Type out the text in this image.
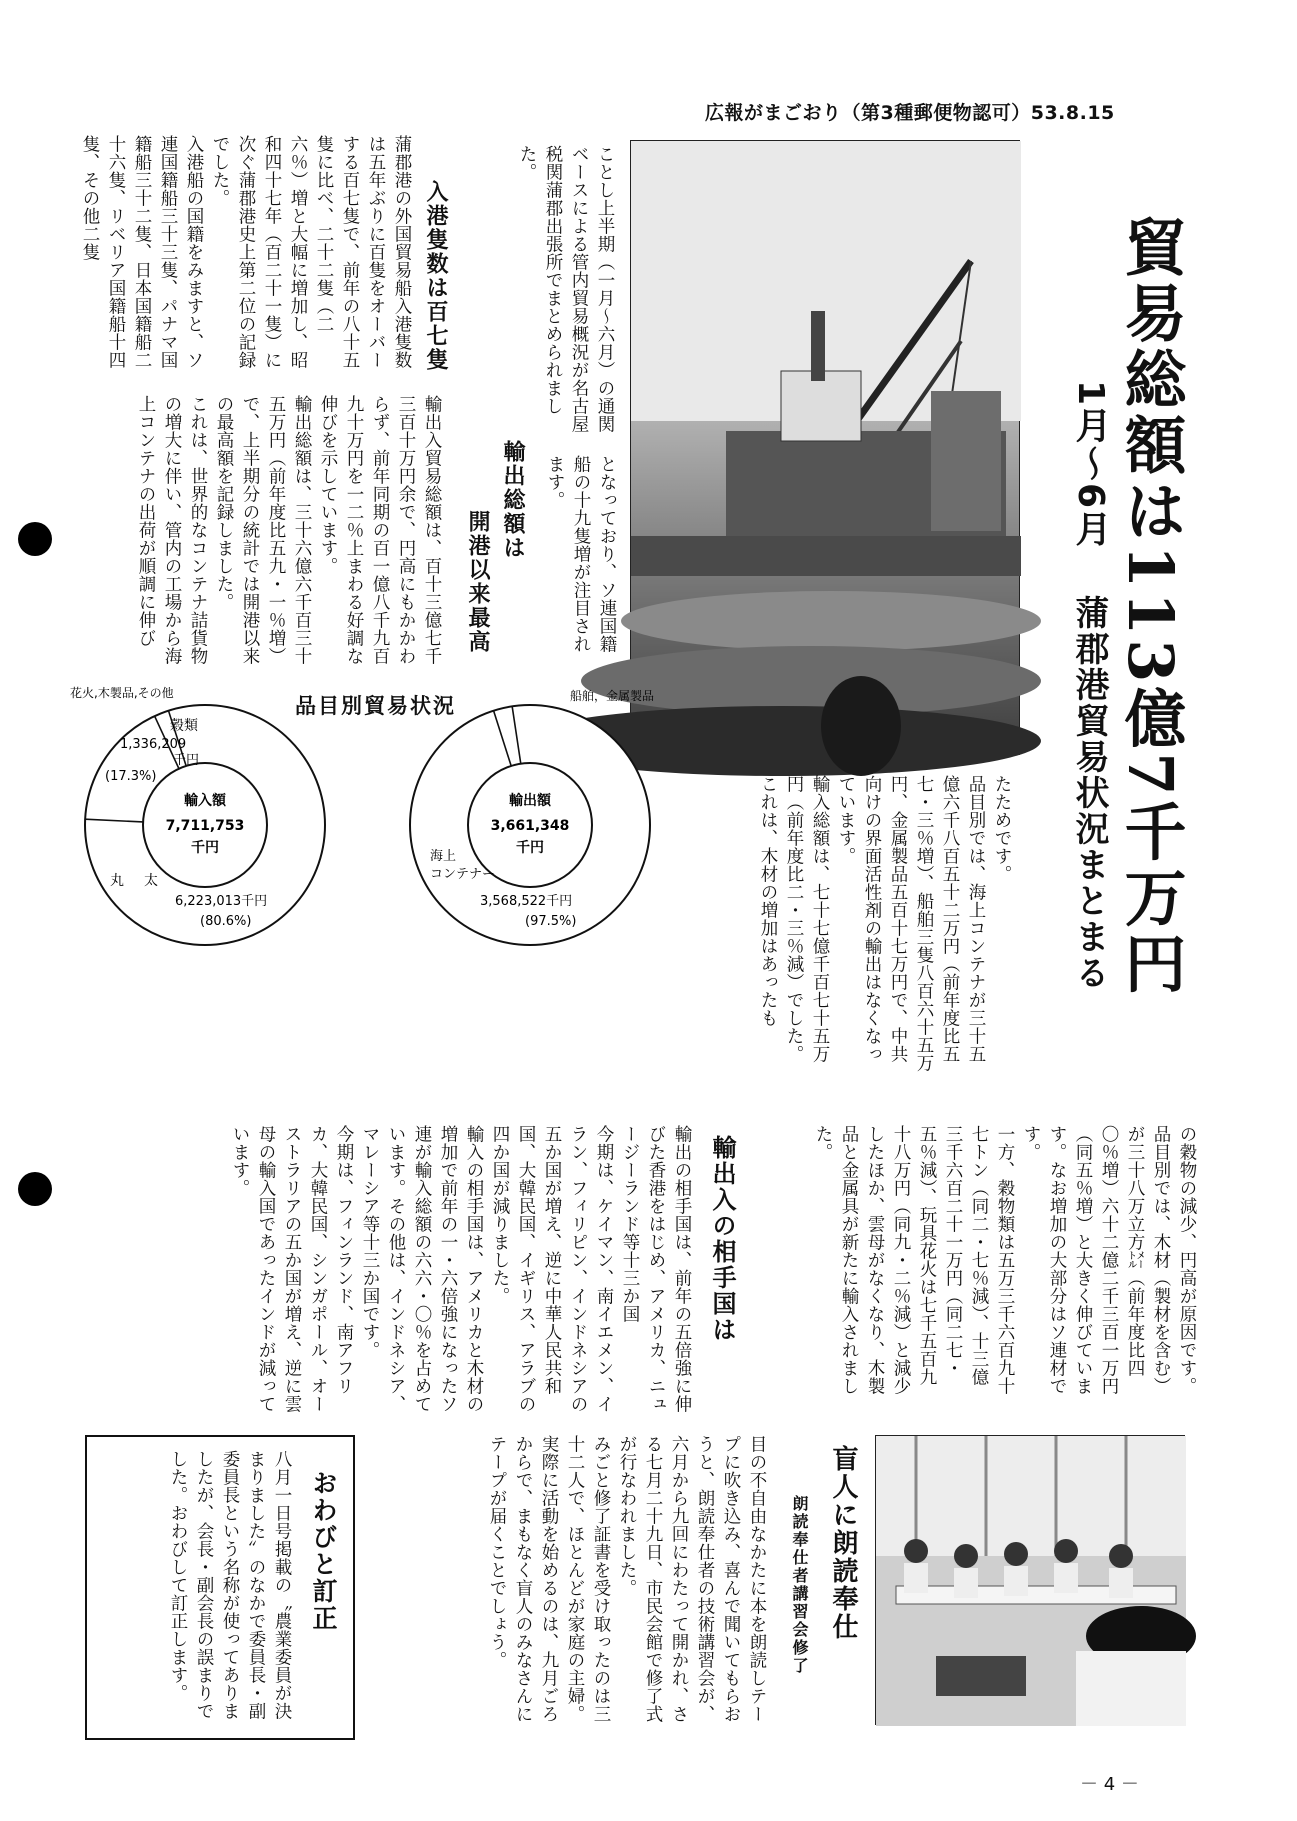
広報がまごおり（第3種郵便物認可）53.8.15
貿易総額は113億7千万円
1月～6月
蒲郡港貿易状況まとまる
ことし上半期（一月～六月）の通関ベースによる管内貿易概況が名古屋税関蒲郡出張所でまとめられました。
となっており、ソ連国籍船の十九隻増が注目されます。
入港隻数は百七隻
蒲郡港の外国貿易船入港隻数は五年ぶりに百隻をオーバーする百七隻で、前年の八十五隻に比べ、二十二隻（二六％）増と大幅に増加し、昭和四十七年（百二十一隻）に次ぐ蒲郡港史上第二位の記録でした。
入港船の国籍をみますと、ソ連国籍船三十三隻、パナマ国籍船三十二隻、日本国籍船二十六隻、リベリア国籍船十四隻、その他二隻
輸出総額は
開港以来最高
輸出入貿易総額は、百十三億七千三百十万円余で、円高にもかかわらず、前年同期の百一億八千九百九十万円を一二％上まわる好調な伸びを示しています。
輸出総額は、三十六億六千百三十五万円（前年度比五九・一％増）で、上半期分の統計では開港以来の最高額を記録しました。
これは、世界的なコンテナ詰貨物の増大に伴い、管内の工場から海上コンテナの出荷が順調に伸び
品目別貿易状況
輸入額
7,711,753
千円
花火,木製品,その他
穀類
1,336,209
千円
(17.3%)
丸太
6,223,013千円
(80.6%)
輸出額
3,661,348
千円
船舶，金属製品
海上
コンテナー
3,568,522千円
(97.5%)
たためです。
品目別では、海上コンテナが三十五億六千八百五十二万円（前年度比五七・三％増）、船舶三隻八百六十五万円、金属製品五百十七万円で、中共向けの界面活性剤の輸出はなくなっています。
輸入総額は、七十七億千百七十五万円（前年度比二・三％減）でした。
これは、木材の増加はあったも
の穀物の減少、円高が原因です。
品目別では、木材（製材を含む）が三十八万立方㍍（前年度比四〇％増）六十二億二千三百一万円（同五％増）と大きく伸びています。なお増加の大部分はソ連材です。
一方、穀物類は五万三千六百九十七トン（同二・七％減）、十三億三千六百二十一万円（同二七・五％減）、玩具花火は七千五百九十八万円（同九・二％減）と減少したほか、雲母がなくなり、木製品と金属具が新たに輸入されました。
輸出入の相手国は
輸出の相手国は、前年の五倍強に伸びた香港をはじめ、アメリカ、ニュージーランド等十三か国
今期は、ケイマン、南イエメン、イラン、フィリピン、インドネシアの五か国が増え、逆に中華人民共和国、大韓民国、イギリス、アラブの四か国が減りました。
輸入の相手国は、アメリカと木材の増加で前年の一・六倍強になったソ連が輸入総額の六六・〇％を占めています。その他は、インドネシア、マレーシア等十三か国です。
今期は、フィンランド、南アフリカ、大韓民国、シンガポール、オーストラリアの五か国が増え、逆に雲母の輸入国であったインドが減っています。
盲人に朗読奉仕
朗読奉仕者講習会修了
目の不自由なかたに本を朗読しテープに吹き込み、喜んで聞いてもらおうと、朗読奉仕者の技術講習会が、六月から九回にわたって開かれ、さる七月二十九日、市民会館で修了式が行なわれました。
みごと修了証書を受け取ったのは三十二人で、ほとんどが家庭の主婦。
実際に活動を始めるのは、九月ごろからで、まもなく盲人のみなさんにテープが届くことでしょう。
おわびと訂正
八月一日号掲載の〝農業委員が決まりました〟のなかで委員長・副委員長という名称が使ってありましたが、会長・副会長の誤まりでした。おわびして訂正します。
－ 4 －
